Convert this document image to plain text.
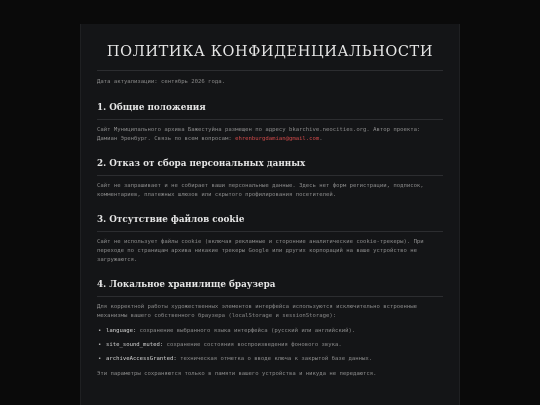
ПОЛИТИКА КОНФИДЕНЦИАЛЬНОСТИ
Дата актуализации: сентябрь 2026 года.
1. Общие положения

Сайт Муниципального архива Бажестуйна размещен по адресу bkarchive.neocities.org. Автор проекта: Дамиан Эренбург. Связь по всем вопросам: ehrenburgdamian@gmail.com.

2. Отказ от сбора персональных данных

Сайт не запрашивает и не собирает ваши персональные данные. Здесь нет форм регистрации, подписок, комментариев, платежных шлюзов или скрытого профилирования посетителей.

3. Отсутствие файлов cookie

Сайт не использует файлы cookie (включая рекламные и сторонние аналитические cookie-трекеры). При переходе по страницам архива никакие трекеры Google или других корпораций на ваше устройство не загружаются.

4. Локальное хранилище браузера

Для корректной работы художественных элементов интерфейса используются исключительно встроенные механизмы вашего собственного браузера (localStorage и sessionStorage):

• language: сохранение выбранного языка интерфейса (русский или английский).
• site_sound_muted: сохранение состояния воспроизведения фонового звука.
• archiveAccessGranted: техническая отметка о вводе ключа к закрытой базе данных.

Эти параметры сохраняются только в памяти вашего устройства и никуда не передаются.
